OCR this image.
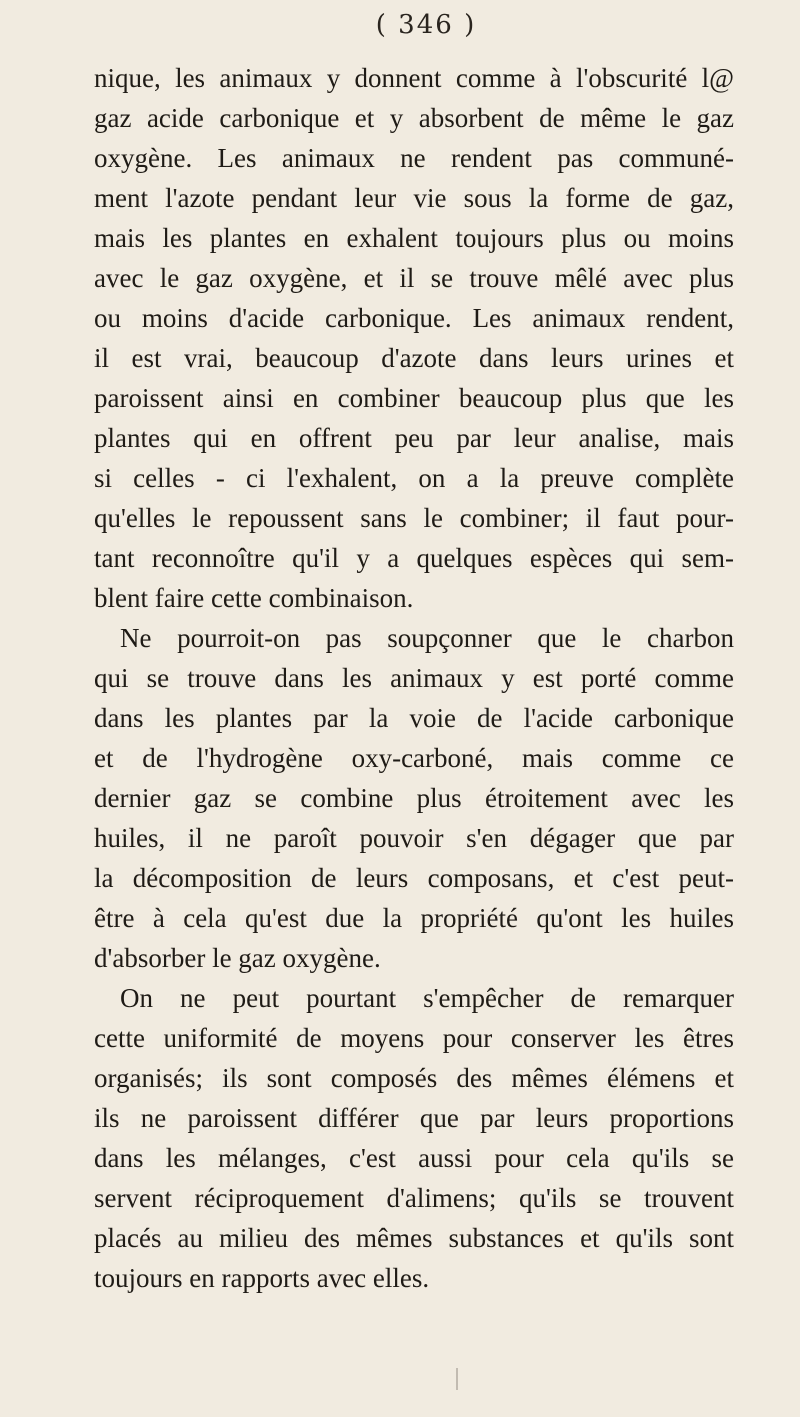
( 346 )
nique, les animaux y donnent comme à l'obscurité l@
gaz acide carbonique et y absorbent de même le gaz
oxygène. Les animaux ne rendent pas communé-
ment l'azote pendant leur vie sous la forme de gaz,
mais les plantes en exhalent toujours plus ou moins
avec le gaz oxygène, et il se trouve mêlé avec plus
ou moins d'acide carbonique. Les animaux rendent,
il est vrai, beaucoup d'azote dans leurs urines et
paroissent ainsi en combiner beaucoup plus que les
plantes qui en offrent peu par leur analise, mais
si celles - ci l'exhalent, on a la preuve complète
qu'elles le repoussent sans le combiner; il faut pour-
tant reconnoître qu'il y a quelques espèces qui sem-
blent faire cette combinaison.
Ne pourroit-on pas soupçonner que le charbon
qui se trouve dans les animaux y est porté comme
dans les plantes par la voie de l'acide carbonique
et de l'hydrogène oxy-carboné, mais comme ce
dernier gaz se combine plus étroitement avec les
huiles, il ne paroît pouvoir s'en dégager que par
la décomposition de leurs composans, et c'est peut-
être à cela qu'est due la propriété qu'ont les huiles
d'absorber le gaz oxygène.
On ne peut pourtant s'empêcher de remarquer
cette uniformité de moyens pour conserver les êtres
organisés; ils sont composés des mêmes élémens et
ils ne paroissent différer que par leurs proportions
dans les mélanges, c'est aussi pour cela qu'ils se
servent réciproquement d'alimens; qu'ils se trouvent
placés au milieu des mêmes substances et qu'ils sont
toujours en rapports avec elles.
